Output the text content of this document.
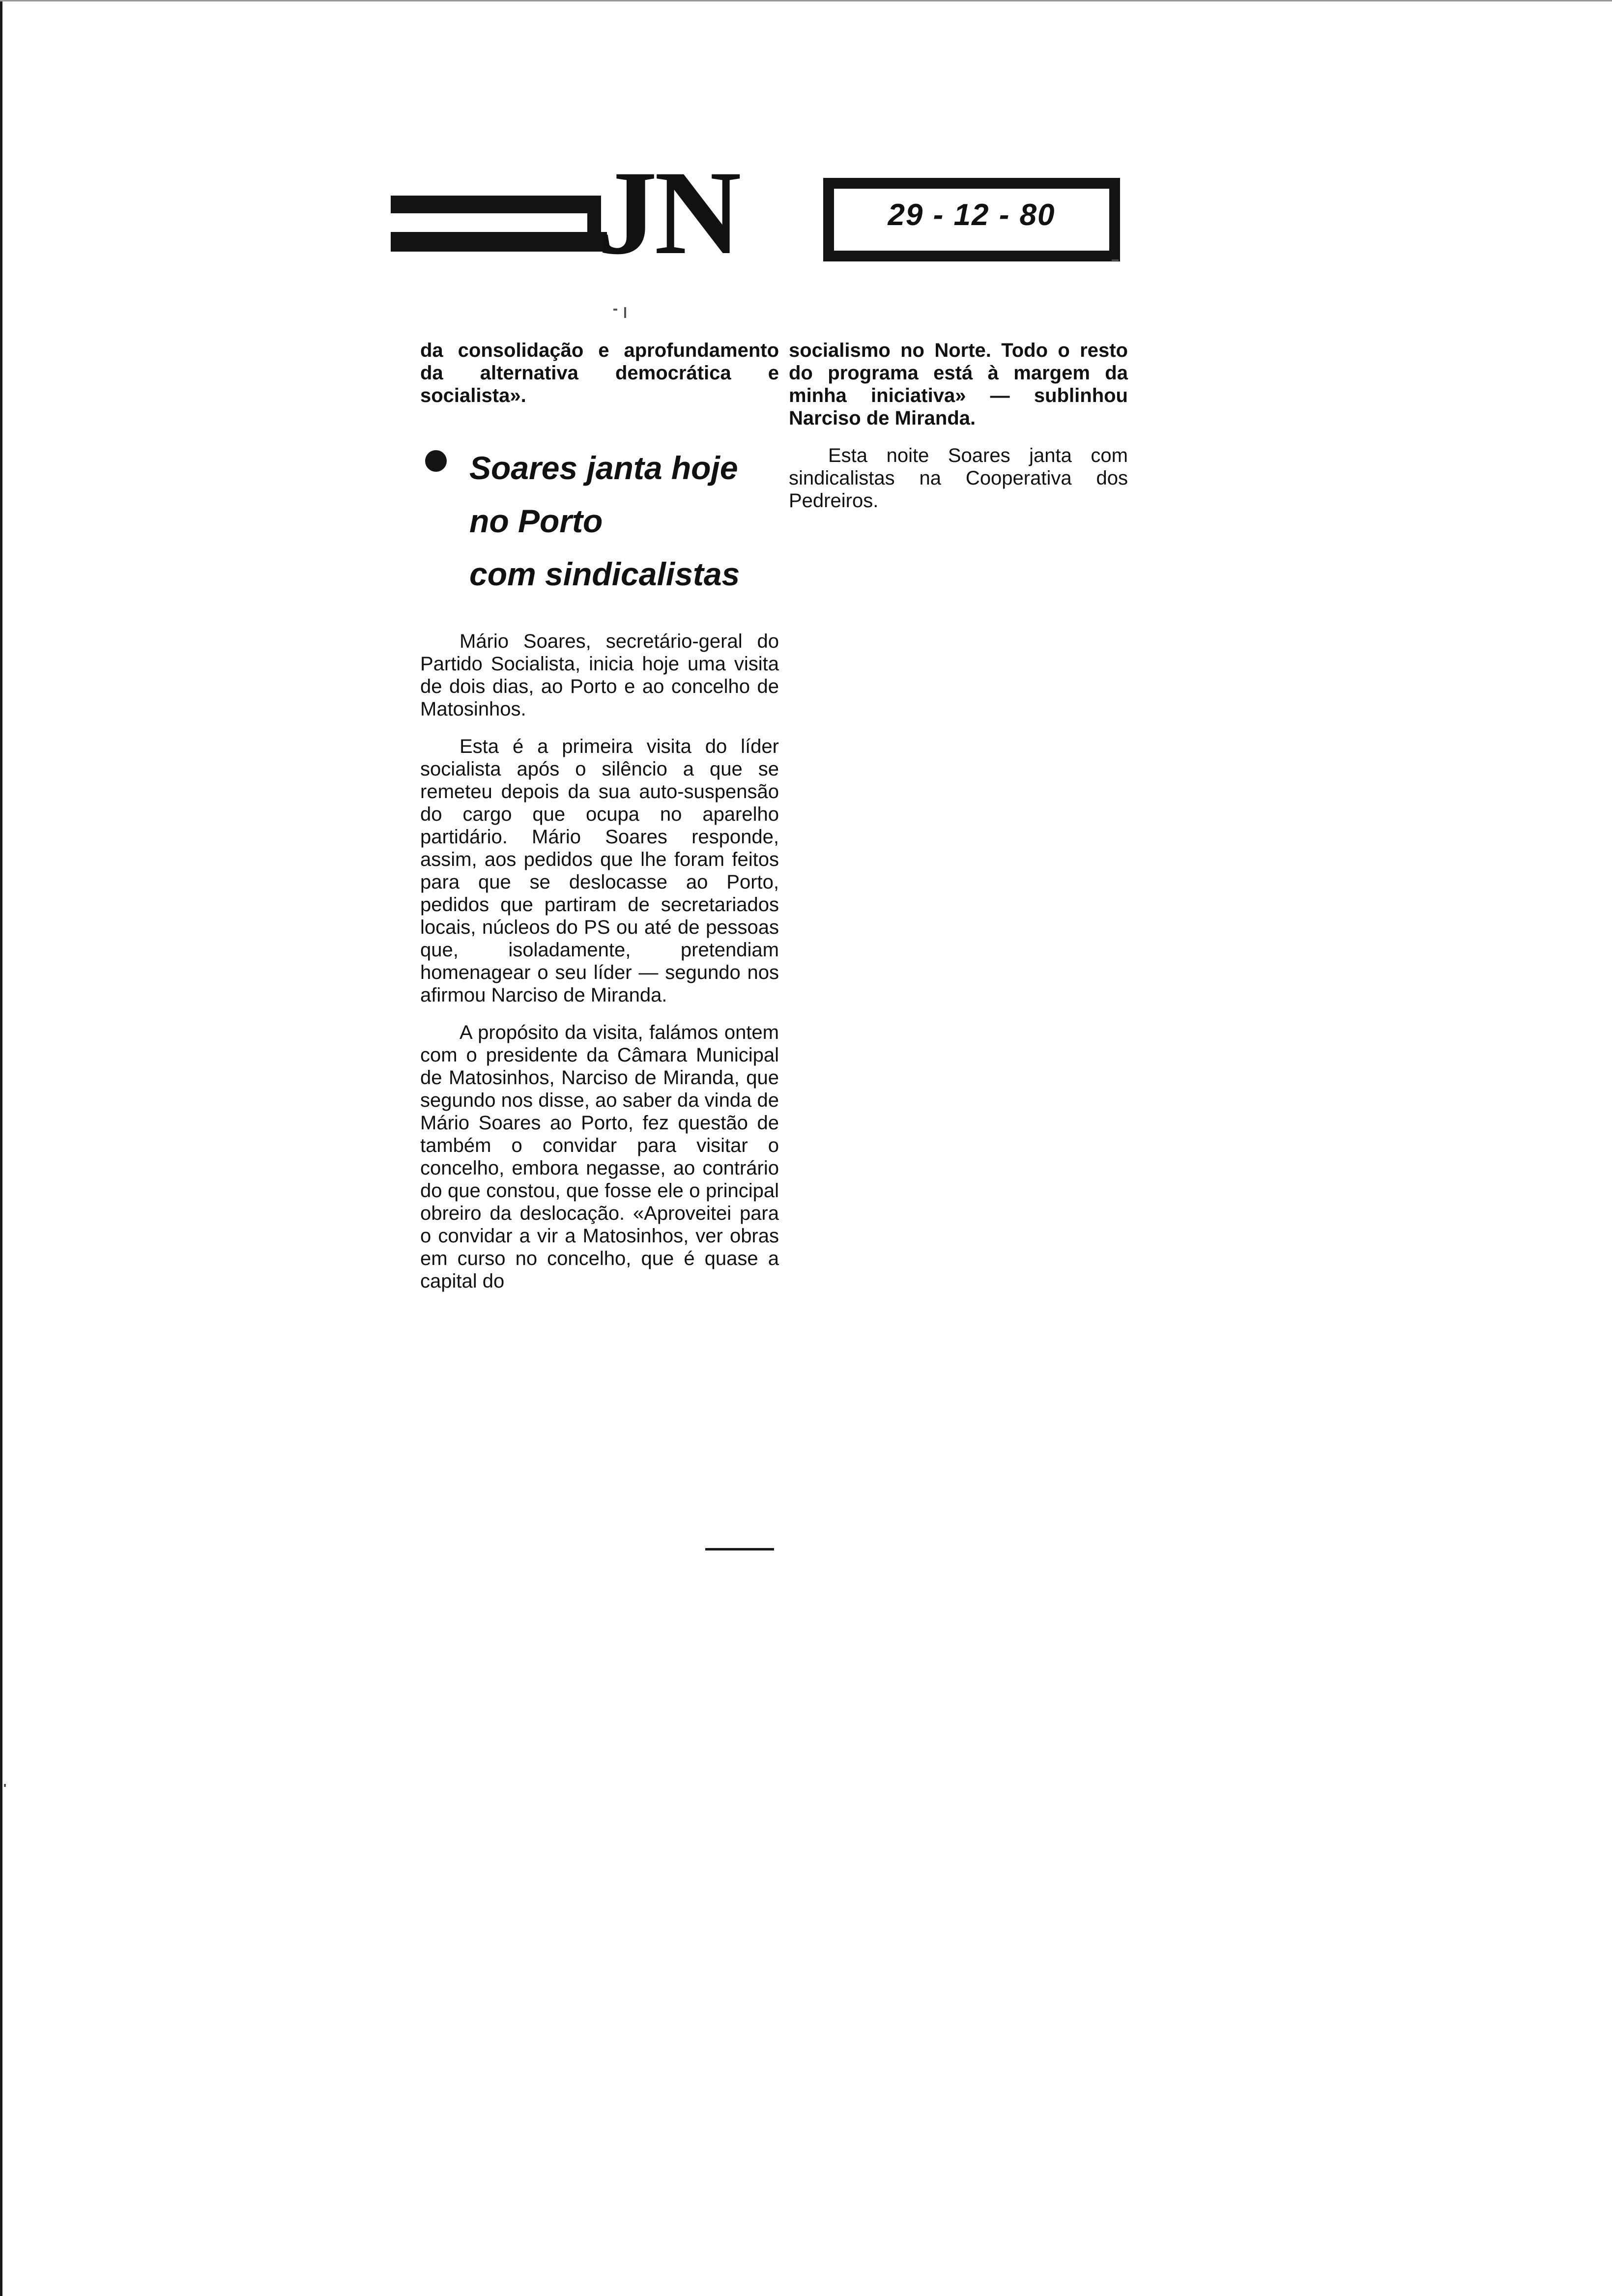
JN	29 - 12 - 80

da consolidação e aprofundamento da alternativa democrática e socialista».

Soares janta hoje
no Porto
com sindicalistas

Mário Soares, secretário-geral do Partido Socialista, inicia hoje uma visita de dois dias, ao Porto e ao concelho de Matosinhos.

Esta é a primeira visita do líder socialista após o silêncio a que se remeteu depois da sua auto-suspensão do cargo que ocupa no aparelho partidário. Mário Soares responde, assim, aos pedidos que lhe foram feitos para que se deslocasse ao Porto, pedidos que partiram de secretariados locais, núcleos do PS ou até de pessoas que, isoladamente, pretendiam homenagear o seu líder — segundo nos afirmou Narciso de Miranda.

A propósito da visita, falámos ontem com o presidente da Câmara Municipal de Matosinhos, Narciso de Miranda, que segundo nos disse, ao saber da vinda de Mário Soares ao Porto, fez questão de também o convidar para visitar o concelho, embora negasse, ao contrário do que constou, que fosse ele o principal obreiro da deslocação. «Aproveitei para o convidar a vir a Matosinhos, ver obras em curso no concelho, que é quase a capital do

socialismo no Norte. Todo o resto do programa está à margem da minha iniciativa» — sublinhou Narciso de Miranda.

Esta noite Soares janta com sindicalistas na Cooperativa dos Pedreiros.
